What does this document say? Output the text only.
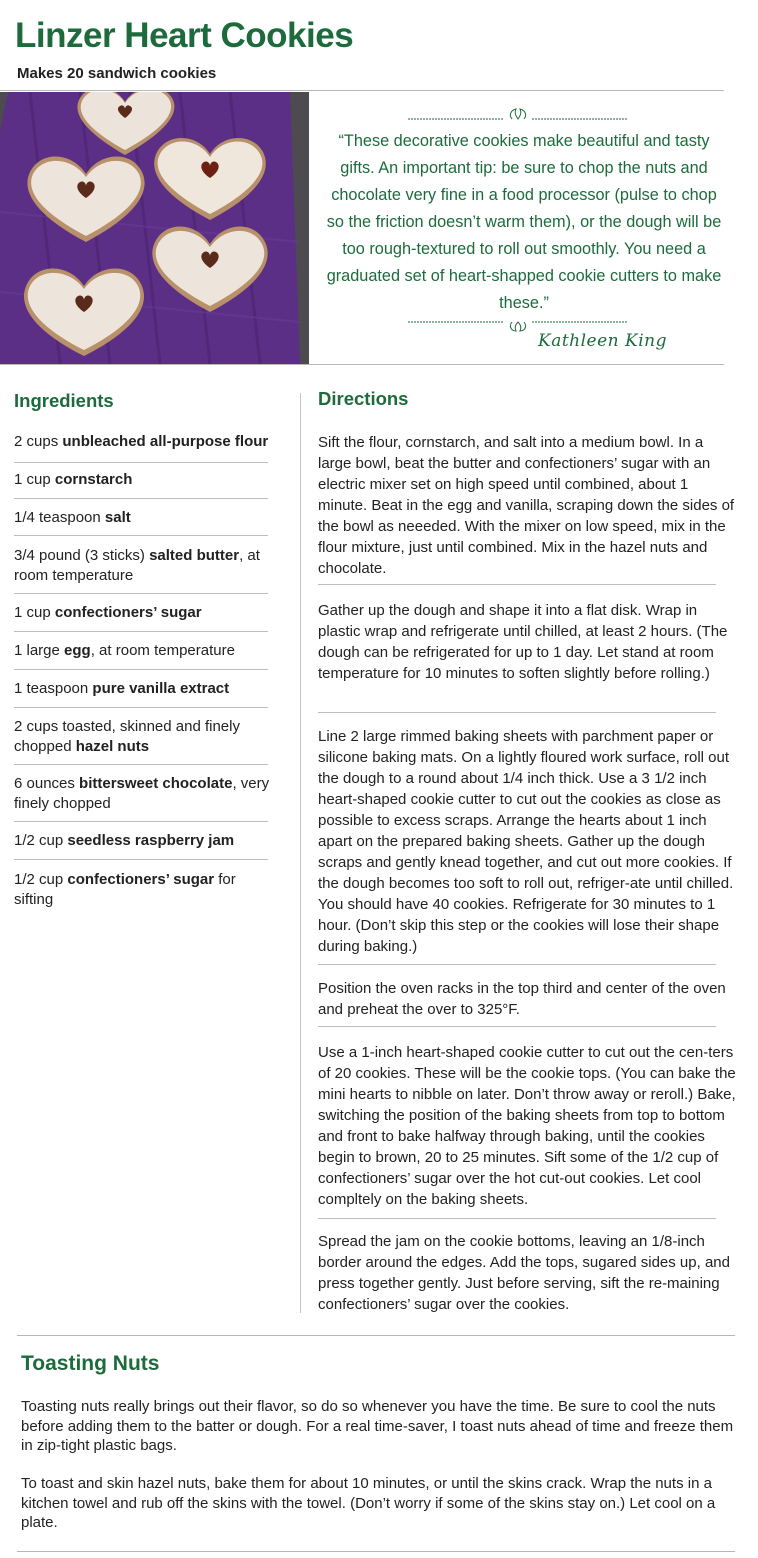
Linzer Heart Cookies
Makes 20 sandwich cookies

“These decorative cookies make beautiful and tasty gifts. An important tip: be sure to chop the nuts and chocolate very fine in a food processor (pulse to chop so the friction doesn’t warm them), or the dough will be too rough-textured to roll out smoothly. You need a graduated set of heart-shapped cookie cutters to make these.”

Kathleen King
Ingredients
2 cups unbleached all-purpose flour
1 cup cornstarch
1/4 teaspoon salt
3/4 pound (3 sticks) salted butter, at room temperature
1 cup confectioners’ sugar
1 large egg, at room temperature
1 teaspoon pure vanilla extract
2 cups toasted, skinned and finely chopped hazel nuts
6 ounces bittersweet chocolate, very finely chopped
1/2 cup seedless raspberry jam
1/2 cup confectioners’ sugar for sifting
Directions

Sift the flour, cornstarch, and salt into a medium bowl. In a large bowl, beat the butter and confectioners’ sugar with an electric mixer set on high speed until combined, about 1 minute. Beat in the egg and vanilla, scraping down the sides of the bowl as neeeded. With the mixer on low speed, mix in the flour mixture, just until combined. Mix in the hazel nuts and chocolate.

Gather up the dough and shape it into a flat disk. Wrap in plastic wrap and refrigerate until chilled, at least 2 hours. (The dough can be refrigerated for up to 1 day. Let stand at room temperature for 10 minutes to soften slightly before rolling.)

Line 2 large rimmed baking sheets with parchment paper or silicone baking mats. On a lightly floured work surface, roll out the dough to a round about 1/4 inch thick. Use a 3 1/2 inch heart-shaped cookie cutter to cut out the cookies as close as possible to excess scraps. Arrange the hearts about 1 inch apart on the prepared baking sheets. Gather up the dough scraps and gently knead together, and cut out more cookies. If the dough becomes too soft to roll out, refriger-ate until chilled. You should have 40 cookies. Refrigerate for 30 minutes to 1 hour. (Don’t skip this step or the cookies will lose their shape during baking.)

Position the oven racks in the top third and center of the oven and preheat the over to 325°F.

Use a 1-inch heart-shaped cookie cutter to cut out the cen-ters of 20 cookies. These will be the cookie tops. (You can bake the mini hearts to nibble on later. Don’t throw away or reroll.) Bake, switching the position of the baking sheets from top to bottom and front to bake halfway through baking, until the cookies begin to brown, 20 to 25 minutes. Sift some of the 1/2 cup of confectioners’ sugar over the hot cut-out cookies. Let cool compltely on the baking sheets.

Spread the jam on the cookie bottoms, leaving an 1/8-inch border around the edges. Add the tops, sugared sides up, and press together gently. Just before serving, sift the re-maining confectioners’ sugar over the cookies.

Toasting Nuts

Toasting nuts really brings out their flavor, so do so whenever you have the time. Be sure to cool the nuts before adding them to the batter or dough. For a real time-saver, I toast nuts ahead of time and freeze them in zip-tight plastic bags.

To toast and skin hazel nuts, bake them for about 10 minutes, or until the skins crack. Wrap the nuts in a kitchen towel and rub off the skins with the towel. (Don’t worry if some of the skins stay on.) Let cool on a plate.
